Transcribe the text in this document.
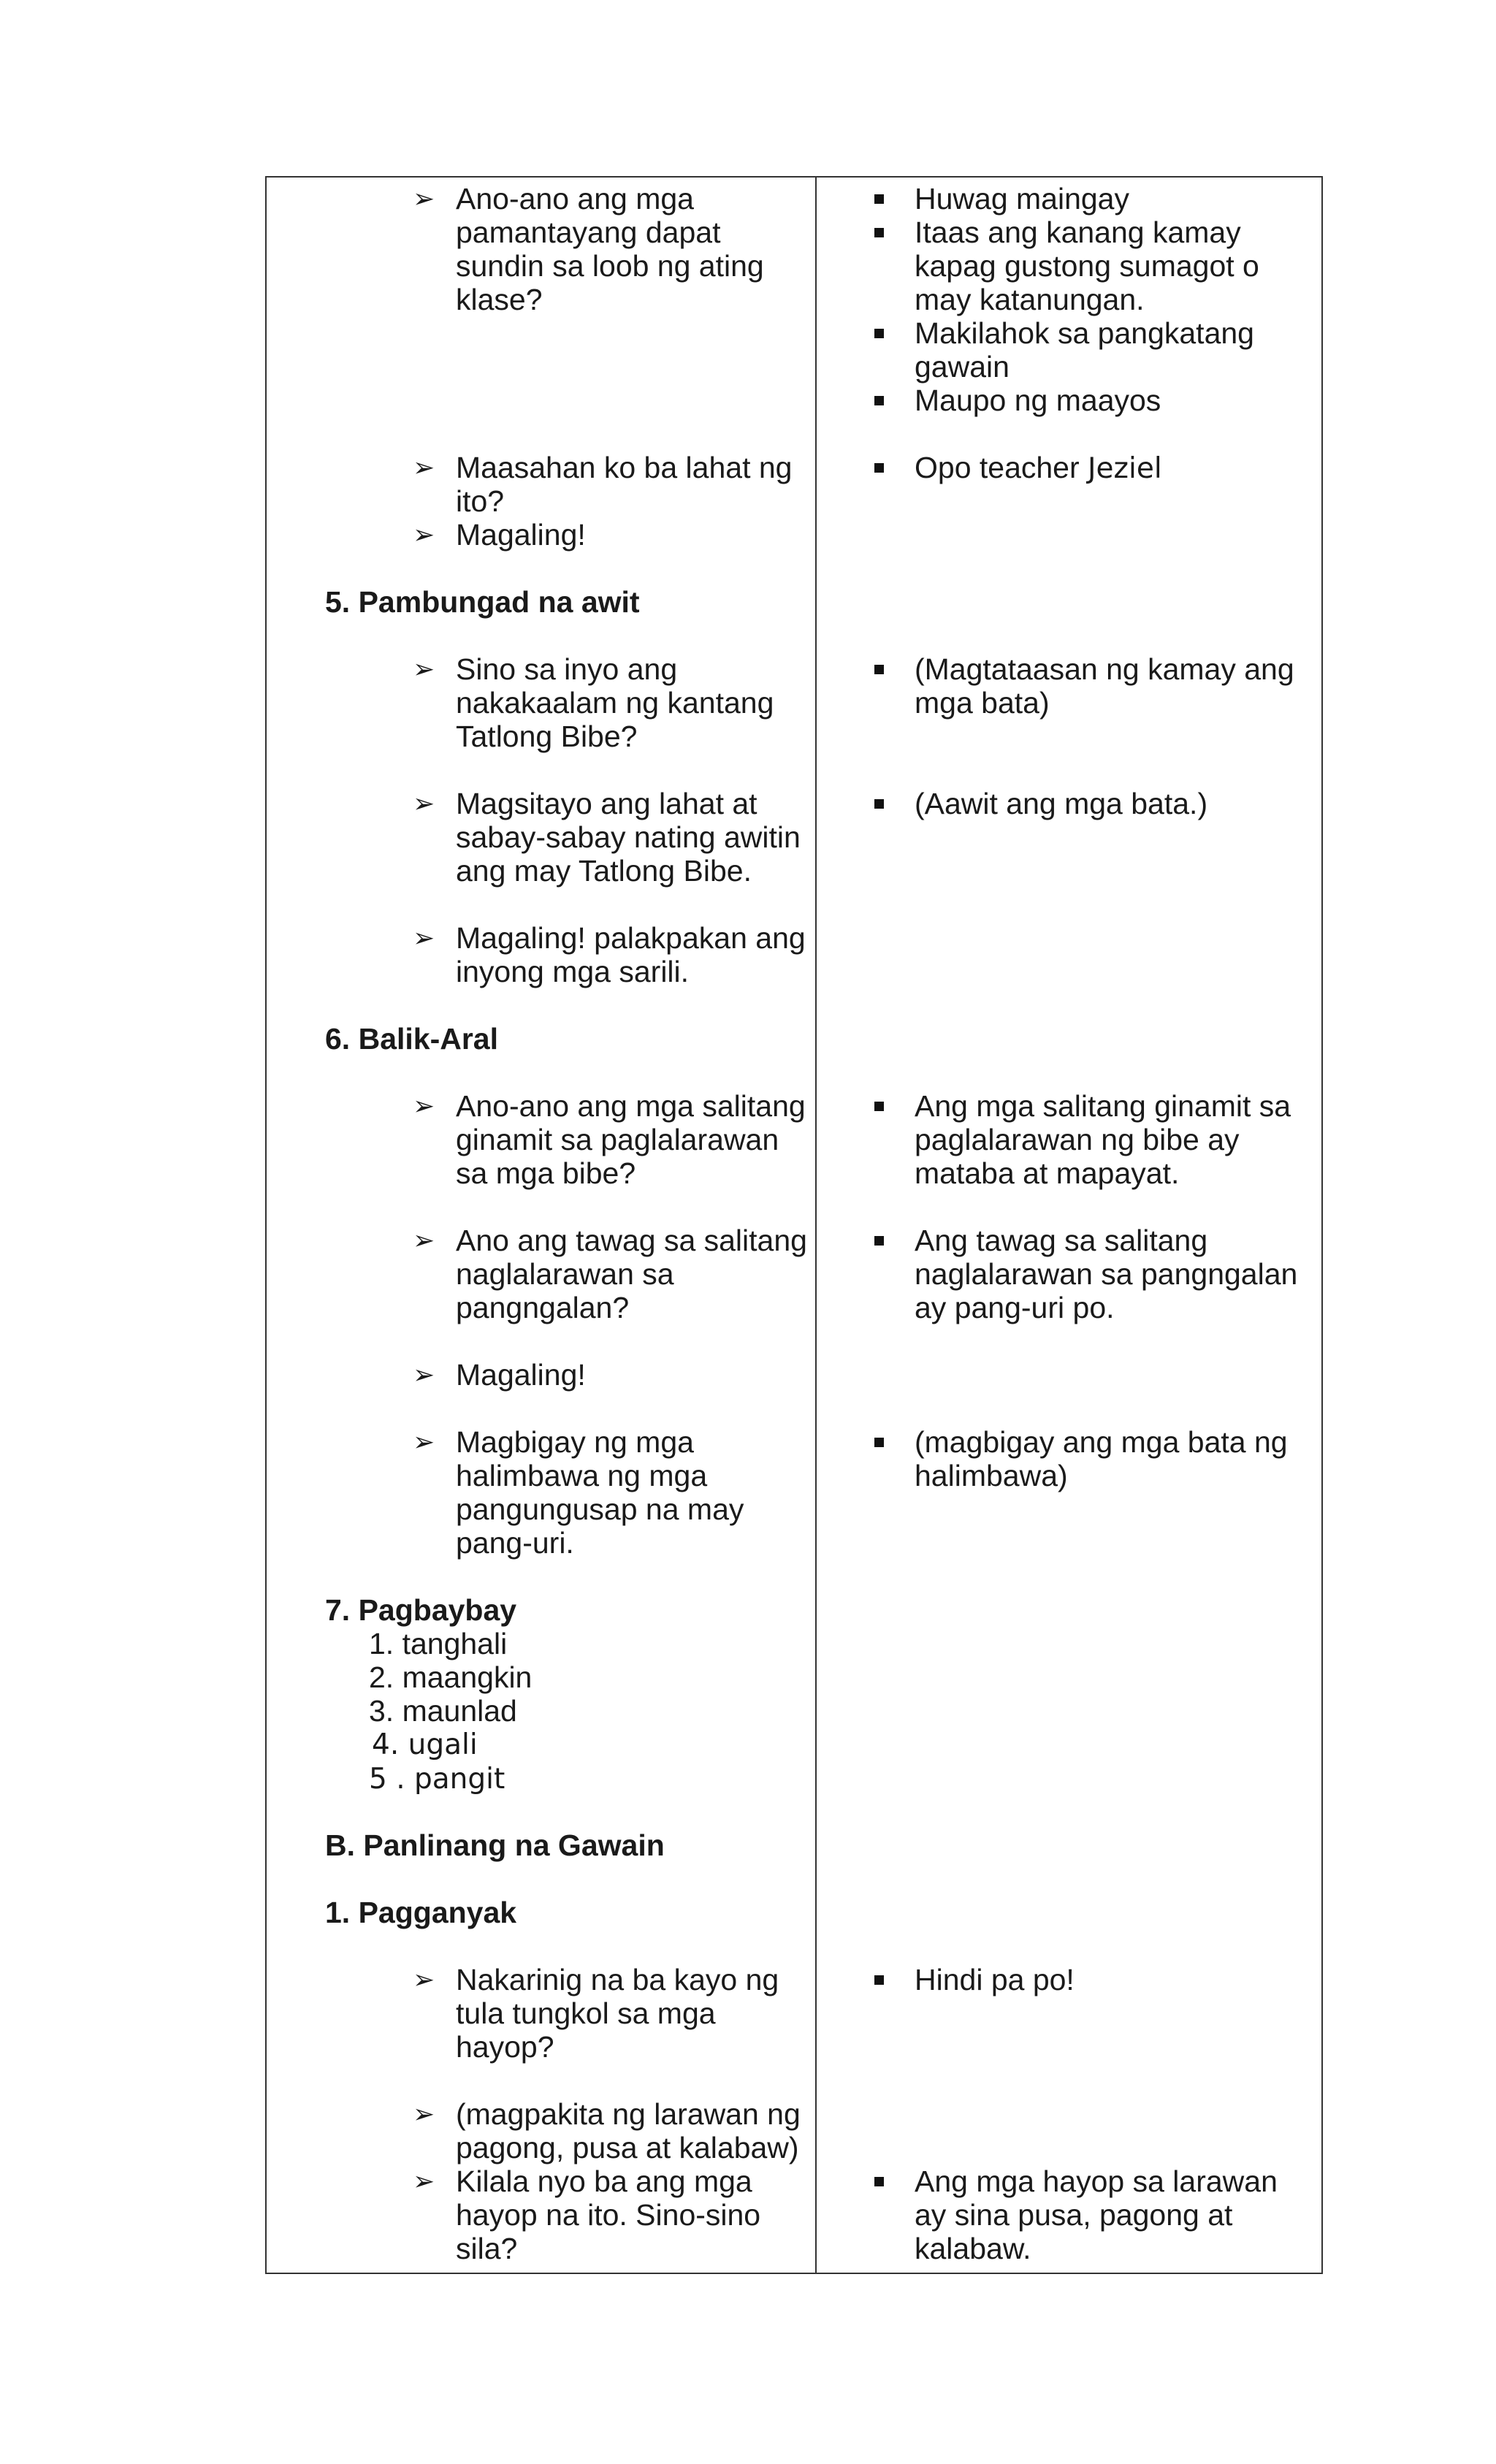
➢ Ano-ano ang mga
pamantayang dapat
sundin sa loob ng ating
klase?
➢ Maasahan ko ba lahat ng
ito?
➢ Magaling!
5. Pambungad na awit
➢ Sino sa inyo ang
nakakaalam ng kantang
Tatlong Bibe?
➢ Magsitayo ang lahat at
sabay-sabay nating awitin
ang may Tatlong Bibe.
➢ Magaling! palakpakan ang
inyong mga sarili.
6. Balik-Aral
➢ Ano-ano ang mga salitang
ginamit sa paglalarawan
sa mga bibe?
➢ Ano ang tawag sa salitang
naglalarawan sa
pangngalan?
➢ Magaling!
➢ Magbigay ng mga
halimbawa ng mga
pangungusap na may
pang-uri.
7. Pagbaybay
1. tanghali
2. maangkin
3. maunlad
4. ugali
5 . pangit
B. Panlinang na Gawain
1. Pagganyak
➢ Nakarinig na ba kayo ng
tula tungkol sa mga
hayop?
➢ (magpakita ng larawan ng
pagong, pusa at kalabaw)
➢ Kilala nyo ba ang mga
hayop na ito. Sino-sino
sila?
Huwag maingay
Itaas ang kanang kamay
kapag gustong sumagot o
may katanungan.
Makilahok sa pangkatang
gawain
Maupo ng maayos
Opo teacher Jeziel
(Magtataasan ng kamay ang
mga bata)
(Aawit ang mga bata.)
Ang mga salitang ginamit sa
paglalarawan ng bibe ay
mataba at mapayat.
Ang tawag sa salitang
naglalarawan sa pangngalan
ay pang-uri po.
(magbigay ang mga bata ng
halimbawa)
Hindi pa po!
Ang mga hayop sa larawan
ay sina pusa, pagong at
kalabaw.
